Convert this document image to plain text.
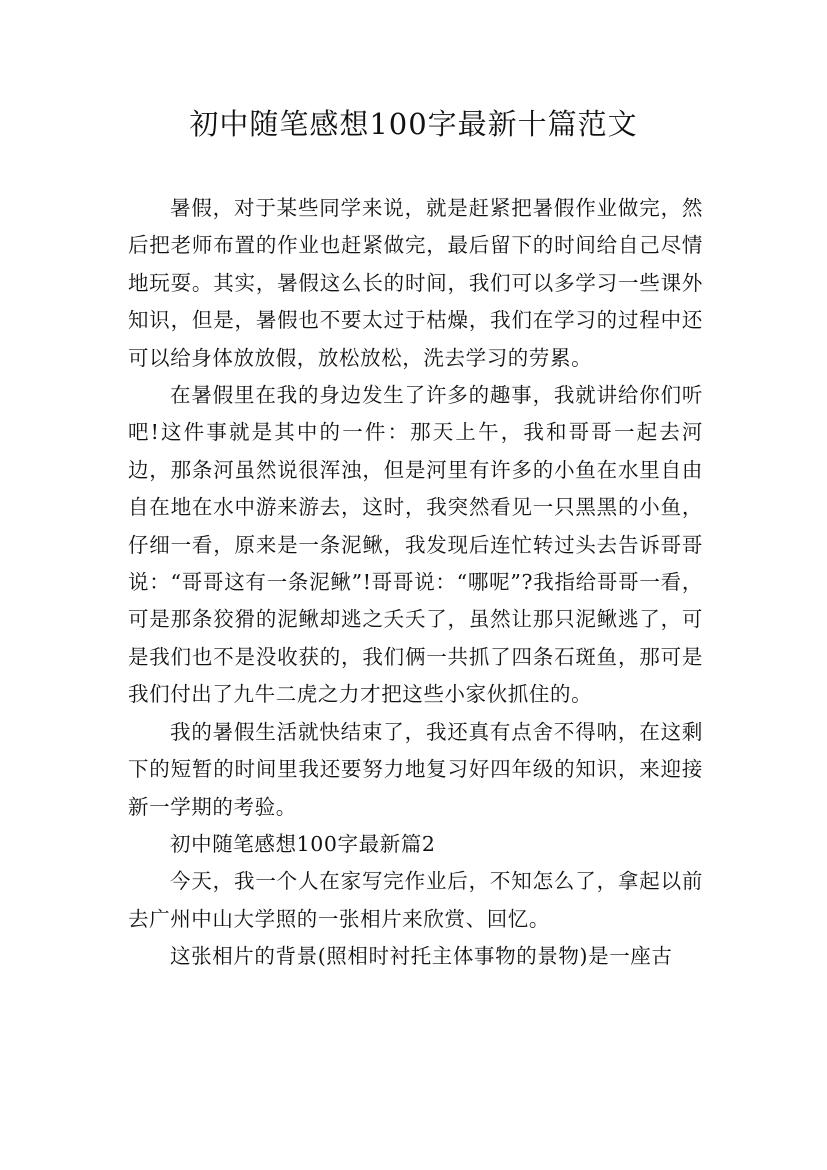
初中随笔感想100字最新十篇范文

暑假，对于某些同学来说，就是赶紧把暑假作业做完，然后把老师布置的作业也赶紧做完，最后留下的时间给自己尽情地玩耍。其实，暑假这么长的时间，我们可以多学习一些课外知识，但是，暑假也不要太过于枯燥，我们在学习的过程中还可以给身体放放假，放松放松，洗去学习的劳累。

在暑假里在我的身边发生了许多的趣事，我就讲给你们听吧!这件事就是其中的一件：那天上午，我和哥哥一起去河边，那条河虽然说很浑浊，但是河里有许多的小鱼在水里自由自在地在水中游来游去，这时，我突然看见一只黑黑的小鱼，仔细一看，原来是一条泥鳅，我发现后连忙转过头去告诉哥哥说：“哥哥这有一条泥鳅”!哥哥说：“哪呢”?我指给哥哥一看，可是那条狡猾的泥鳅却逃之夭夭了，虽然让那只泥鳅逃了，可是我们也不是没收获的，我们俩一共抓了四条石斑鱼，那可是我们付出了九牛二虎之力才把这些小家伙抓住的。

我的暑假生活就快结束了，我还真有点舍不得呐，在这剩下的短暂的时间里我还要努力地复习好四年级的知识，来迎接新一学期的考验。

初中随笔感想100字最新篇2

今天，我一个人在家写完作业后，不知怎么了，拿起以前去广州中山大学照的一张相片来欣赏、回忆。

这张相片的背景(照相时衬托主体事物的景物)是一座古
